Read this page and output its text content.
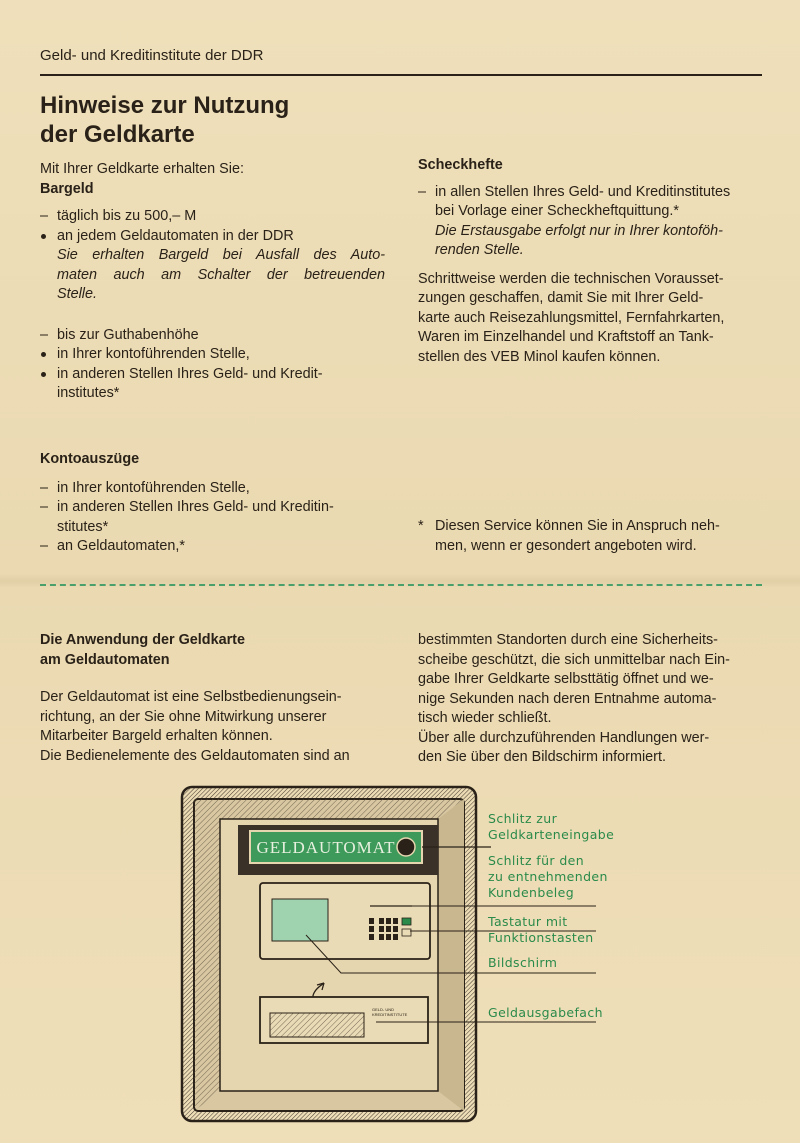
Geld- und Kreditinstitute der DDR
Hinweise zur Nutzung
der Geldkarte

Mit Ihrer Geldkarte erhalten Sie:

Bargeld

– täglich bis zu 500,– M
an jedem Geldautomaten in der DDR
Sie erhalten Bargeld bei Ausfall des Auto-
maten auch am Schalter der betreuenden
Stelle.

– bis zur Guthabenhöhe
in Ihrer kontoführenden Stelle,
in anderen Stellen Ihres Geld- und Kredit-
institutes*

Kontoauszüge

– in Ihrer kontoführenden Stelle,
– in anderen Stellen Ihres Geld- und Kreditin-
stitutes*
– an Geldautomaten,*

Scheckhefte

– in allen Stellen Ihres Geld- und Kreditinstitutes
bei Vorlage einer Scheckheftquittung.*
Die Erstausgabe erfolgt nur in Ihrer kontoföh-
renden Stelle.

Schrittweise werden die technischen Vorausset-

zungen geschaffen, damit Sie mit Ihrer Geld-

karte auch Reisezahlungsmittel, Fernfahrkarten,

Waren im Einzelhandel und Kraftstoff an Tank-

stellen des VEB Minol kaufen können.

* Diesen Service können Sie in Anspruch neh-
men, wenn er gesondert angeboten wird.

Die Anwendung der Geldkarte

am Geldautomaten

Der Geldautomat ist eine Selbstbedienungsein-

richtung, an der Sie ohne Mitwirkung unserer

Mitarbeiter Bargeld erhalten können.

Die Bedienelemente des Geldautomaten sind an

bestimmten Standorten durch eine Sicherheits-

scheibe geschützt, die sich unmittelbar nach Ein-

gabe Ihrer Geldkarte selbsttätig öffnet und we-

nige Sekunden nach deren Entnahme automa-

tisch wieder schließt.

Über alle durchzuführenden Handlungen wer-

den Sie über den Bildschirm informiert.

GELDAUTOMAT
GELD- UND
KREDITINSTITUTE
Schlitz zur
Geldkarteneingabe
Schlitz für den
zu entnehmenden
Kundenbeleg
Tastatur mit
Funktionstasten
Bildschirm
Geldausgabefach
